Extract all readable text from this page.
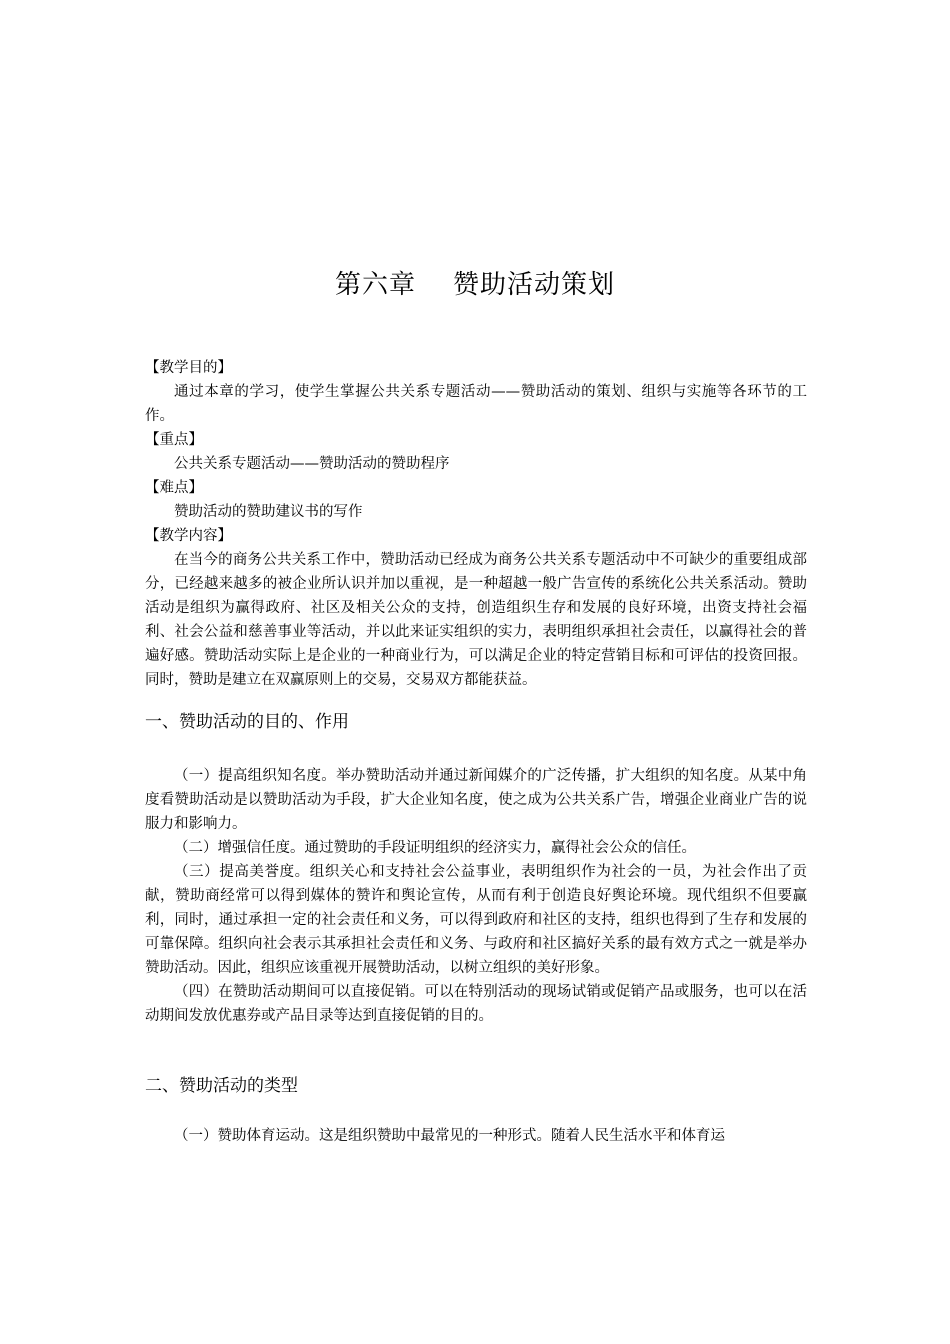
第六章    赞助活动策划

【教学目的】

通过本章的学习，使学生掌握公共关系专题活动——赞助活动的策划、组织与实施等各环节的工作。

【重点】

公共关系专题活动——赞助活动的赞助程序

【难点】

赞助活动的赞助建议书的写作

【教学内容】

在当今的商务公共关系工作中，赞助活动已经成为商务公共关系专题活动中不可缺少的重要组成部分，已经越来越多的被企业所认识并加以重视，是一种超越一般广告宣传的系统化公共关系活动。赞助活动是组织为赢得政府、社区及相关公众的支持，创造组织生存和发展的良好环境，出资支持社会福利、社会公益和慈善事业等活动，并以此来证实组织的实力，表明组织承担社会责任，以赢得社会的普遍好感。赞助活动实际上是企业的一种商业行为，可以满足企业的特定营销目标和可评估的投资回报。同时，赞助是建立在双赢原则上的交易，交易双方都能获益。

一、赞助活动的目的、作用

（一）提高组织知名度。举办赞助活动并通过新闻媒介的广泛传播，扩大组织的知名度。从某中角度看赞助活动是以赞助活动为手段，扩大企业知名度，使之成为公共关系广告，增强企业商业广告的说服力和影响力。

（二）增强信任度。通过赞助的手段证明组织的经济实力，赢得社会公众的信任。

（三）提高美誉度。组织关心和支持社会公益事业，表明组织作为社会的一员，为社会作出了贡献，赞助商经常可以得到媒体的赞许和舆论宣传，从而有利于创造良好舆论环境。现代组织不但要赢利，同时，通过承担一定的社会责任和义务，可以得到政府和社区的支持，组织也得到了生存和发展的可靠保障。组织向社会表示其承担社会责任和义务、与政府和社区搞好关系的最有效方式之一就是举办赞助活动。因此，组织应该重视开展赞助活动，以树立组织的美好形象。

（四）在赞助活动期间可以直接促销。可以在特别活动的现场试销或促销产品或服务，也可以在活动期间发放优惠券或产品目录等达到直接促销的目的。

二、赞助活动的类型

（一）赞助体育运动。这是组织赞助中最常见的一种形式。随着人民生活水平和体育运
